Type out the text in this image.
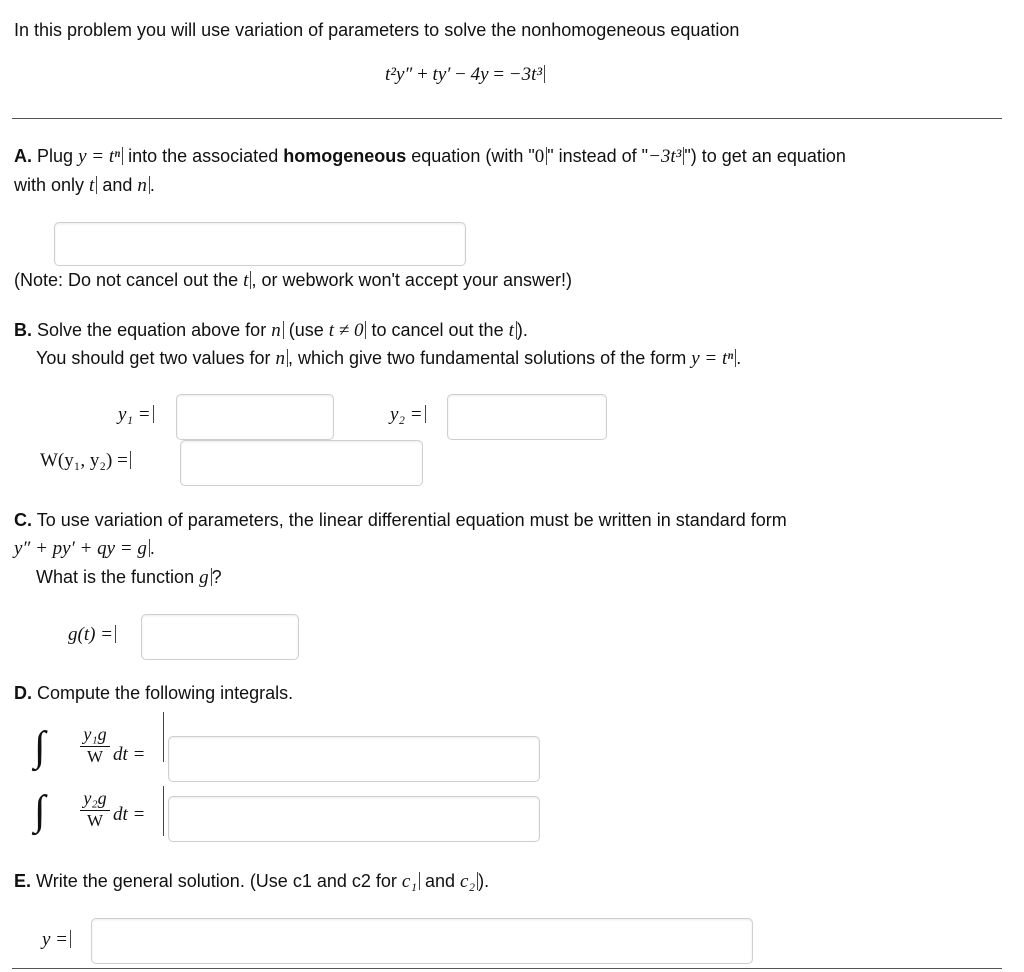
In this problem you will use variation of parameters to solve the nonhomogeneous equation
t²y″ + ty′ − 4y = −3t³
A. Plug y = tⁿ into the associated homogeneous equation (with "0 " instead of "−3t³ ") to get an equation
with only t and n .
(Note: Do not cancel out the t , or webwork won't accept your answer!)
B. Solve the equation above for n (use t ≠ 0 to cancel out the t ).
You should get two values for n , which give two fundamental solutions of the form y = tⁿ .
y₁ =	y₂ =
W(y₁, y₂) =
C. To use variation of parameters, the linear differential equation must be written in standard form
y″ + py′ + qy = g .
What is the function g ?
g(t) =
D. Compute the following integrals.
∫ y₁g
W dt =
∫ y₂g
W dt =
E. Write the general solution. (Use c1 and c2 for c₁ and c₂ ).
y =
